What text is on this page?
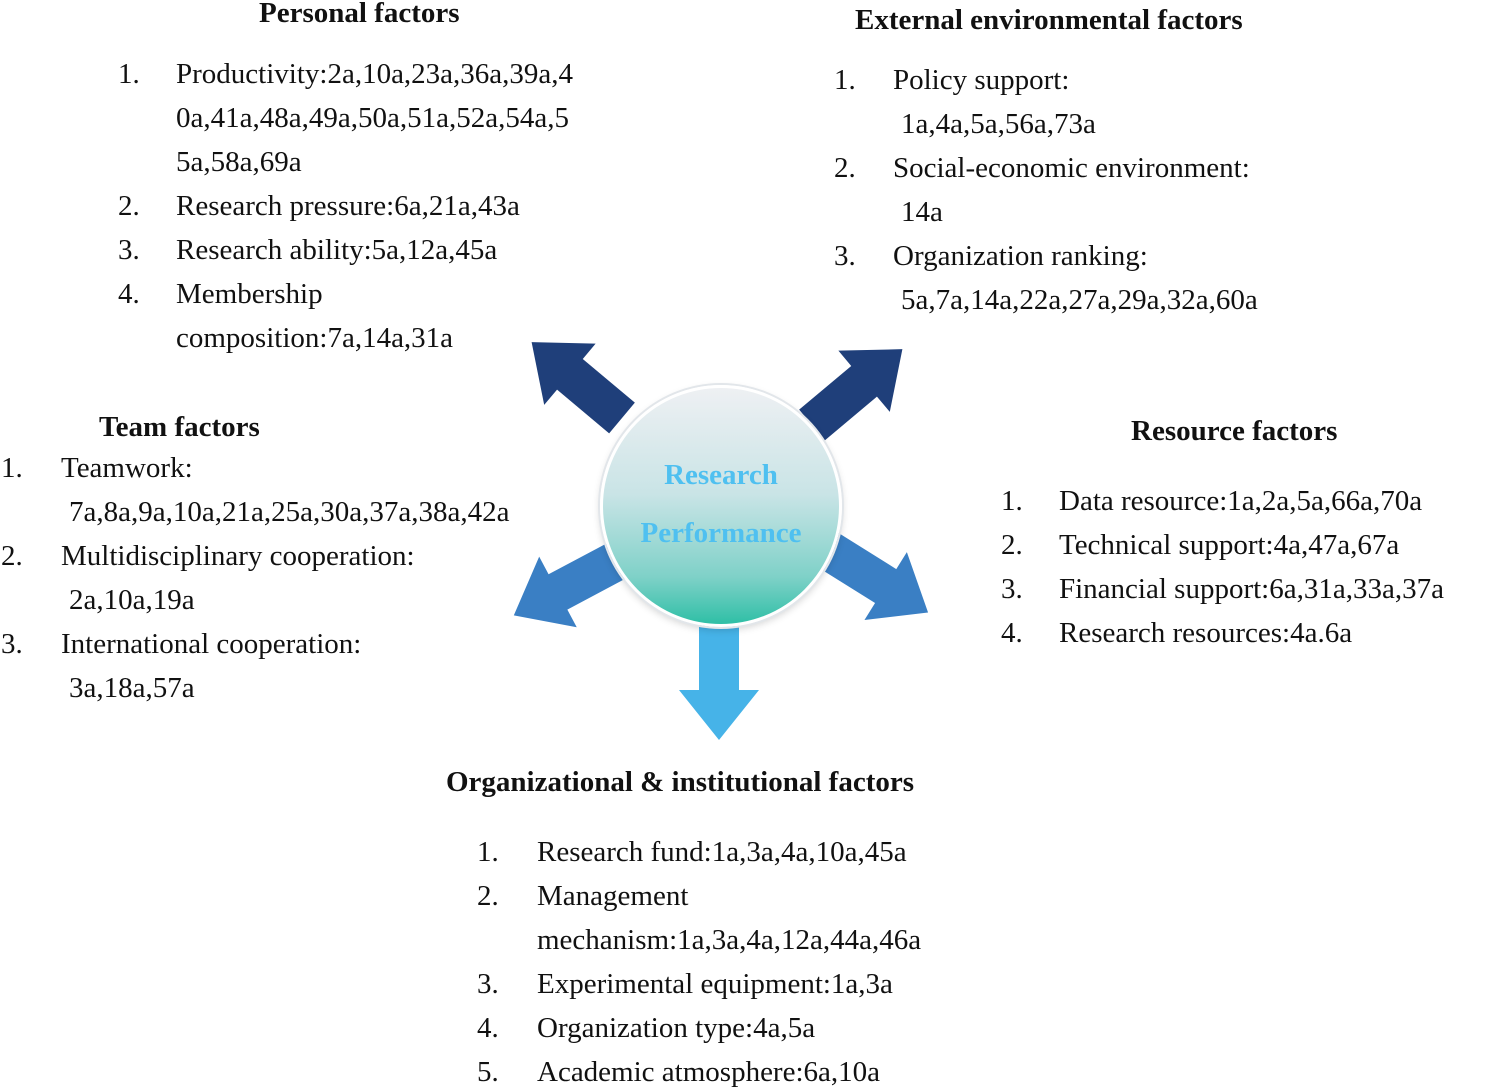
Research
Performance
Personal factors
1. Productivity:2a,10a,23a,36a,39a,4
0a,41a,48a,49a,50a,51a,52a,54a,5
5a,58a,69a
2. Research pressure:6a,21a,43a
3. Research ability:5a,12a,45a
4. Membership
composition:7a,14a,31a
External environmental factors
1. Policy support:
1a,4a,5a,56a,73a
2. Social-economic environment:
14a
3. Organization ranking:
5a,7a,14a,22a,27a,29a,32a,60a
Team factors
1. Teamwork:
7a,8a,9a,10a,21a,25a,30a,37a,38a,42a
2. Multidisciplinary cooperation:
2a,10a,19a
3. International cooperation:
3a,18a,57a
Resource factors
1. Data resource:1a,2a,5a,66a,70a
2. Technical support:4a,47a,67a
3. Financial support:6a,31a,33a,37a
4. Research resources:4a.6a
Organizational & institutional factors
1. Research fund:1a,3a,4a,10a,45a
2. Management
mechanism:1a,3a,4a,12a,44a,46a
3. Experimental equipment:1a,3a
4. Organization type:4a,5a
5. Academic atmosphere:6a,10a
